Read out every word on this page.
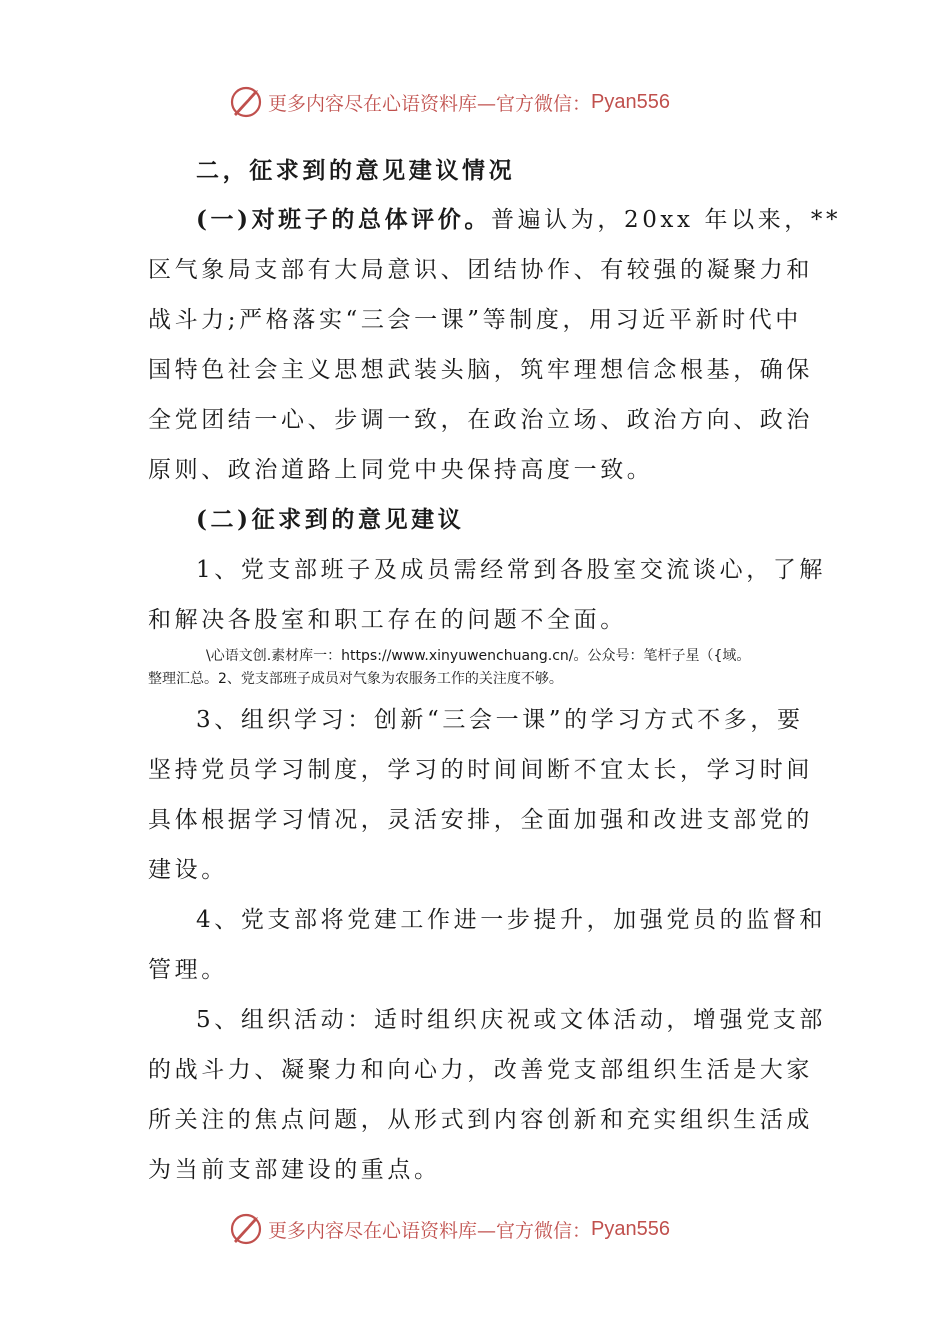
更多内容尽在心语资料库—官方微信： Pyan556
二，征求到的意见建议情况
(一)对班子的总体评价。普遍认为，20xx 年以来，**
区气象局支部有大局意识、团结协作、有较强的凝聚力和
战斗力;严格落实“三会一课”等制度，用习近平新时代中
国特色社会主义思想武装头脑，筑牢理想信念根基，确保
全党团结一心、步调一致，在政治立场、政治方向、政治
原则、政治道路上同党中央保持高度一致。
(二)征求到的意见建议
1、党支部班子及成员需经常到各股室交流谈心，了解
和解决各股室和职工存在的问题不全面。
\心语文创.素材库一：https://www.xinyuwenchuang.cn/。公众号：笔杆子星（{域。
整理汇总。2、党支部班子成员对气象为农服务工作的关注度不够。
3、组织学习：创新“三会一课”的学习方式不多，要
坚持党员学习制度，学习的时间间断不宜太长，学习时间
具体根据学习情况，灵活安排，全面加强和改进支部党的
建设。
4、党支部将党建工作进一步提升，加强党员的监督和
管理。
5、组织活动：适时组织庆祝或文体活动，增强党支部
的战斗力、凝聚力和向心力，改善党支部组织生活是大家
所关注的焦点问题，从形式到内容创新和充实组织生活成
为当前支部建设的重点。
更多内容尽在心语资料库—官方微信： Pyan556
